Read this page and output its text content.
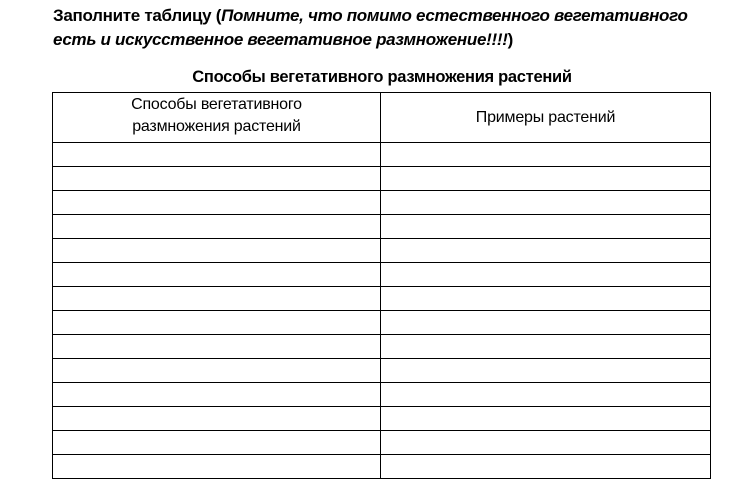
Заполните таблицу (Помните, что помимо естественного вегетативного есть и искусственное вегетативное размножение!!!!)
Способы вегетативного размножения растений
Способы вегетативного
размножения растений	Примеры растений
